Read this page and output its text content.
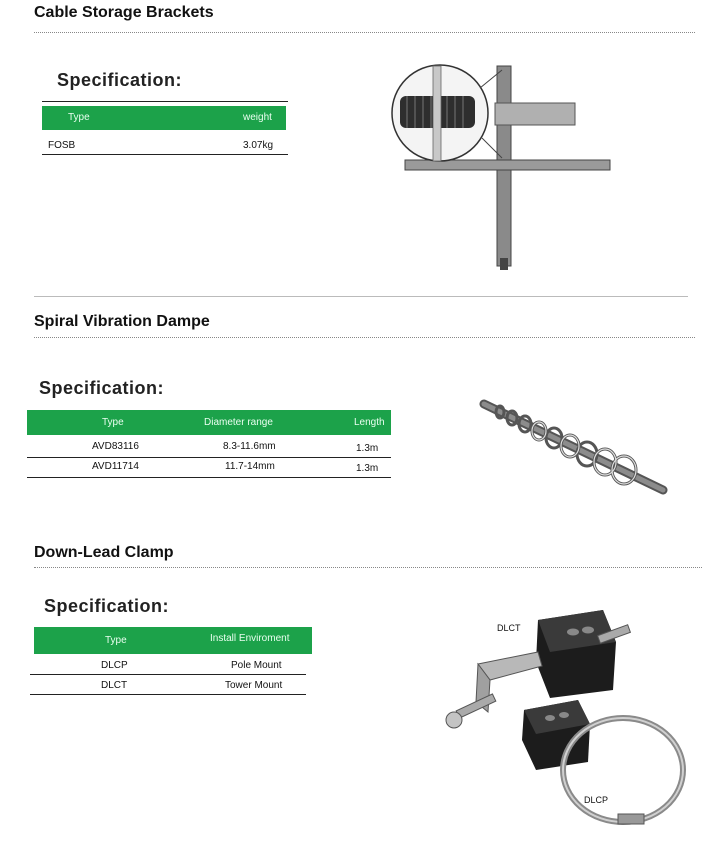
Cable Storage Brackets
Specification:
Type	weight
FOSB	3.07kg
Spiral Vibration Dampe
Specification:
Type	Diameter range	Length
AVD83116	8.3-11.6mm	1.3m
AVD11714	11.7-14mm	1.3m
Down-Lead Clamp
Specification:
Type	Install Enviroment
DLCP	Pole Mount
DLCT	Tower Mount
DLCT
DLCP
